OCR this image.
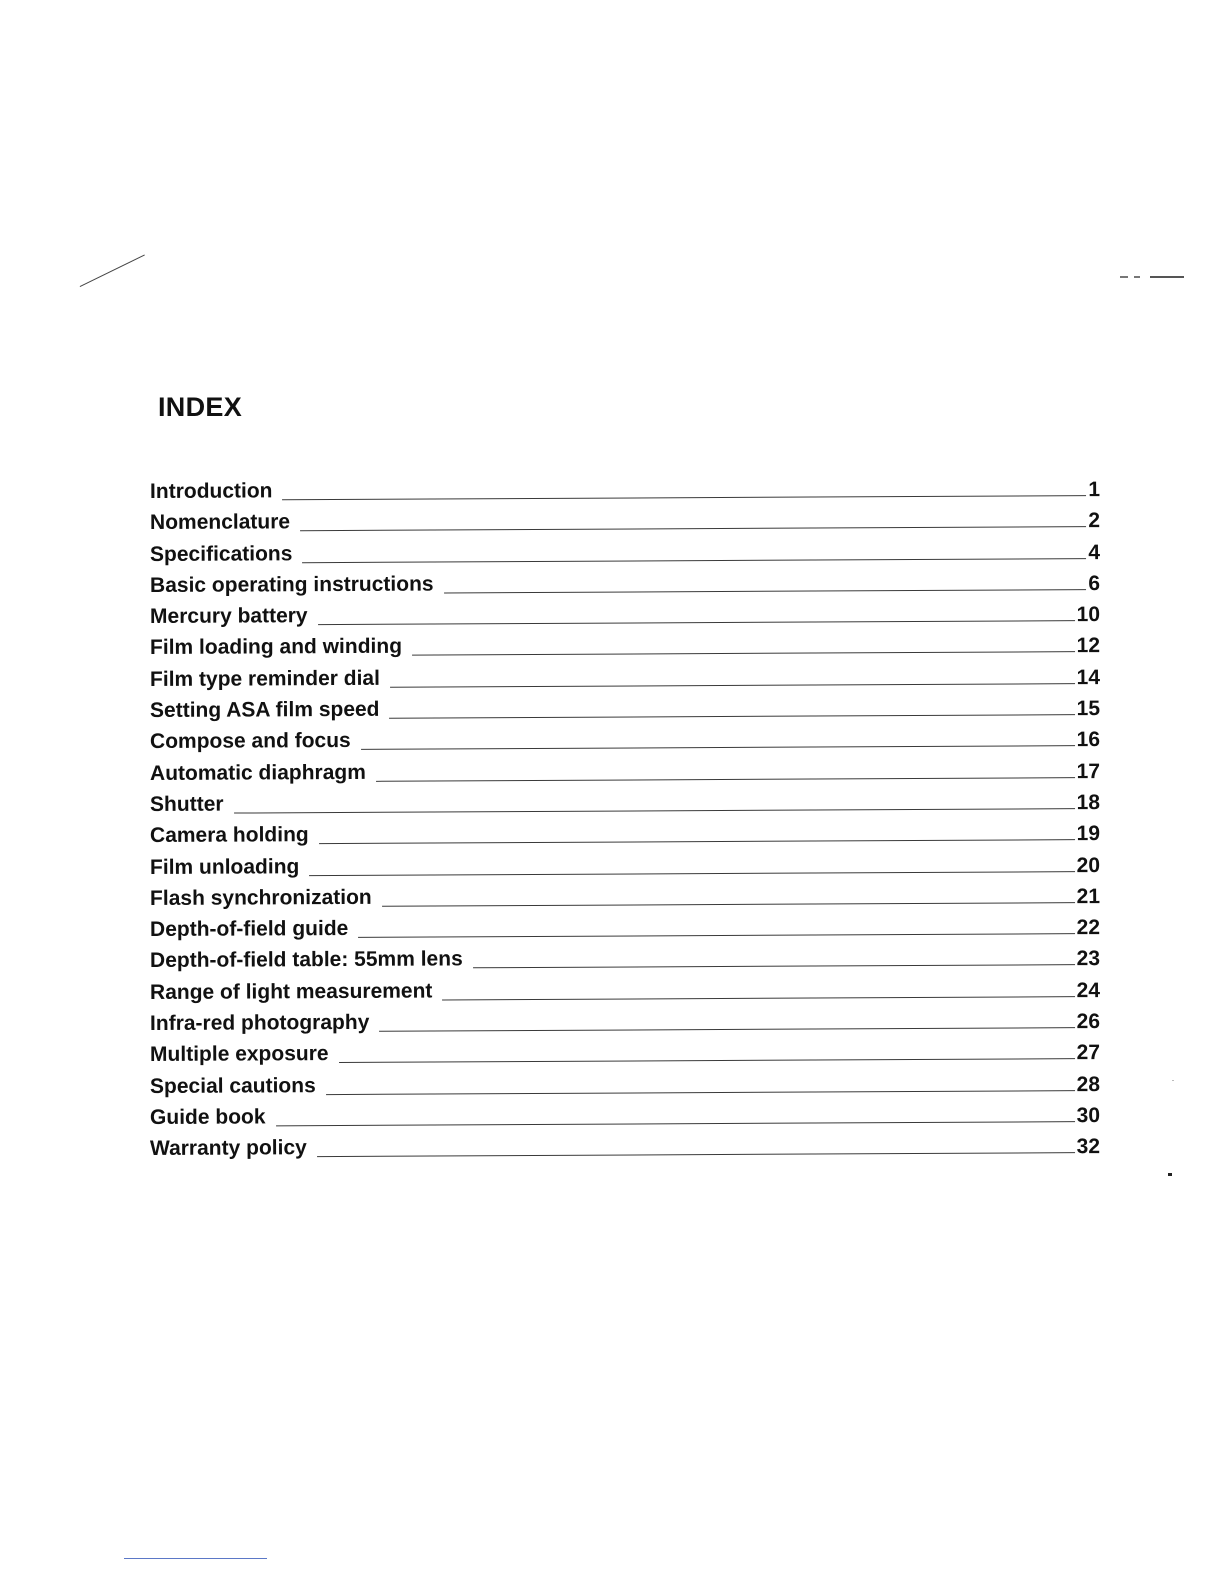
INDEX
Introduction	1
Nomenclature	2
Specifications	4
Basic operating instructions	6
Mercury battery	10
Film loading and winding	12
Film type reminder dial	14
Setting ASA film speed	15
Compose and focus	16
Automatic diaphragm	17
Shutter	18
Camera holding	19
Film unloading	20
Flash synchronization	21
Depth-of-field guide	22
Depth-of-field table: 55mm lens	23
Range of light measurement	24
Infra-red photography	26
Multiple exposure	27
Special cautions	28
Guide book	30
Warranty policy	32
